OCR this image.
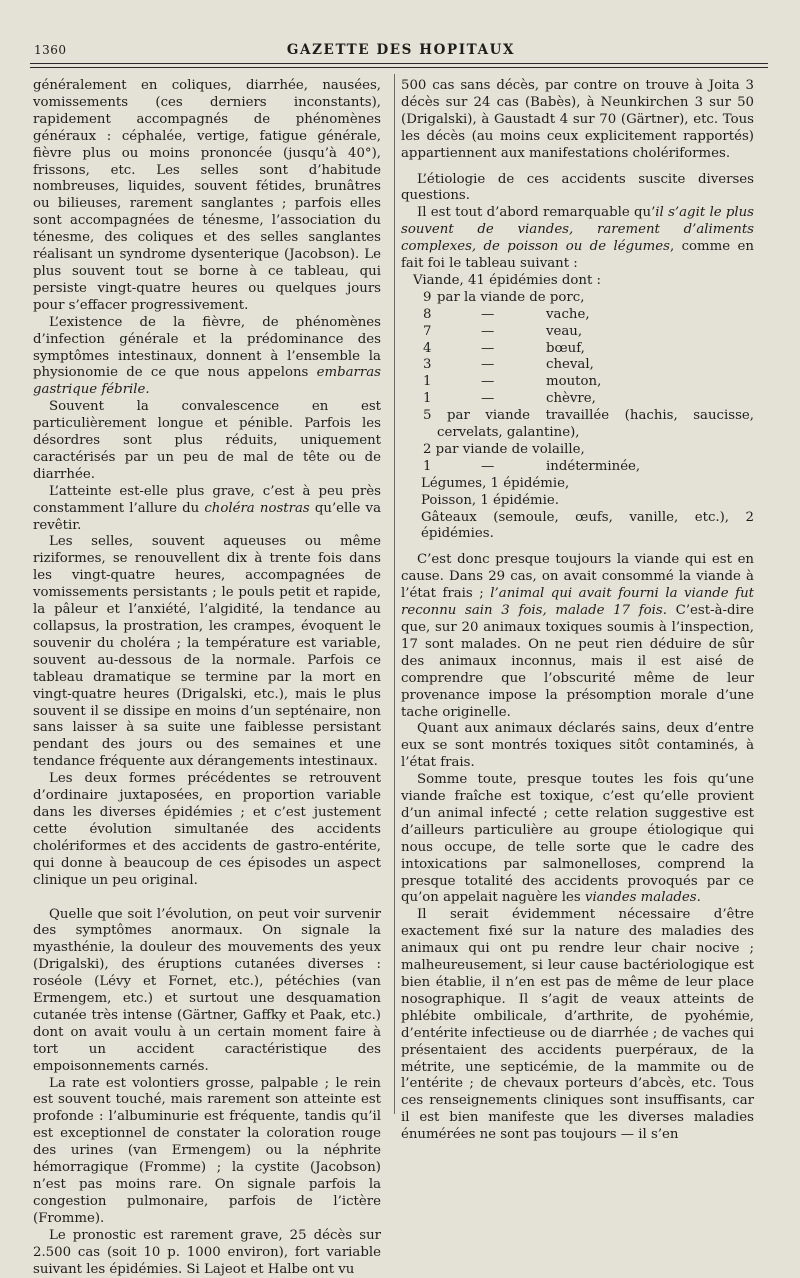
1360	GAZETTE DES HOPITAUX

généralement en coliques, diarrhée, nausées, vomissements (ces derniers inconstants), rapidement accompagnés de phénomènes généraux : céphalée, vertige, fatigue générale, fièvre plus ou moins prononcée (jusqu’à 40°), frissons, etc. Les selles sont d’habitude nombreuses, liquides, souvent fétides, brunâtres ou bilieuses, rarement sanglantes ; parfois elles sont accompagnées de ténesme, l’association du ténesme, des coliques et des selles sanglantes réalisant un syndrome dysenterique (Jacobson). Le plus souvent tout se borne à ce tableau, qui persiste vingt-quatre heures ou quelques jours pour s’effacer progressivement.

L’existence de la fièvre, de phénomènes d’infection générale et la prédominance des symptômes intestinaux, donnent à l’ensemble la physionomie de ce que nous appelons embarras gastrique fébrile.

Souvent la convalescence en est particulièrement longue et pénible. Parfois les désordres sont plus réduits, uniquement caractérisés par un peu de mal de tête ou de diarrhée.

L’atteinte est-elle plus grave, c’est à peu près constamment l’allure du choléra nostras qu’elle va revêtir.

Les selles, souvent aqueuses ou même riziformes, se renouvellent dix à trente fois dans les vingt-quatre heures, accompagnées de vomissements persistants ; le pouls petit et rapide, la pâleur et l’anxiété, l’algidité, la tendance au collapsus, la prostration, les crampes, évoquent le souvenir du choléra ; la température est variable, souvent au-dessous de la normale. Parfois ce tableau dramatique se termine par la mort en vingt-quatre heures (Drigalski, etc.), mais le plus souvent il se dissipe en moins d’un septénaire, non sans laisser à sa suite une faiblesse persistant pendant des jours ou des semaines et une tendance fréquente aux dérangements intestinaux.

Les deux formes précédentes se retrouvent d’ordinaire juxtaposées, en proportion variable dans les diverses épidémies ; et c’est justement cette évolution simultanée des accidents cholériformes et des accidents de gastro-entérite, qui donne à beaucoup de ces épisodes un aspect clinique un peu original.

Quelle que soit l’évolution, on peut voir survenir des symptômes anormaux. On signale la myasthénie, la douleur des mouvements des yeux (Drigalski), des éruptions cutanées diverses : roséole (Lévy et Fornet, etc.), pétéchies (van Ermengem, etc.) et surtout une desquamation cutanée très intense (Gärtner, Gaffky et Paak, etc.) dont on avait voulu à un certain moment faire à tort un accident caractéristique des empoisonnements carnés.

La rate est volontiers grosse, palpable ; le rein est souvent touché, mais rarement son atteinte est profonde : l’albuminurie est fréquente, tandis qu’il est exceptionnel de constater la coloration rouge des urines (van Ermengem) ou la néphrite hémorragique (Fromme) ; la cystite (Jacobson) n’est pas moins rare. On signale parfois la congestion pulmonaire, parfois de l’ictère (Fromme).

Le pronostic est rarement grave, 25 décès sur 2.500 cas (soit 10 p. 1000 environ), fort variable suivant les épidémies. Si Lajeot et Halbe ont vu

500 cas sans décès, par contre on trouve à Joita 3 décès sur 24 cas (Babès), à Neunkirchen 3 sur 50 (Drigalski), à Gaustadt 4 sur 70 (Gärtner), etc. Tous les décès (au moins ceux explicitement rapportés) appartiennent aux manifestations cholériformes.

L’étiologie de ces accidents suscite diverses questions.

Il est tout d’abord remarquable qu’il s’agit le plus souvent de viandes, rarement d’aliments complexes, de poisson ou de légumes, comme en fait foi le tableau suivant :

Viande, 41 épidémies dont :

9 par la viande de porc,
8	—	vache,
7	—	veau,
4	—	bœuf,
3	—	cheval,
1	—	mouton,
1	—	chèvre,

5 par viande travaillée (hachis, saucisse, cervelats, galantine),

2 par viande de volaille,

1	—	indéterminée,

Légumes, 1 épidémie,

Poisson, 1 épidémie.

Gâteaux (semoule, œufs, vanille, etc.), 2 épidémies.

C’est donc presque toujours la viande qui est en cause. Dans 29 cas, on avait consommé la viande à l’état frais ; l’animal qui avait fourni la viande fut reconnu sain 3 fois, malade 17 fois. C’est-à-dire que, sur 20 animaux toxiques soumis à l’inspection, 17 sont malades. On ne peut rien déduire de sûr des animaux inconnus, mais il est aisé de comprendre que l’obscurité même de leur provenance impose la présomption morale d’une tache originelle.

Quant aux animaux déclarés sains, deux d’entre eux se sont montrés toxiques sitôt contaminés, à l’état frais.

Somme toute, presque toutes les fois qu’une viande fraîche est toxique, c’est qu’elle provient d’un animal infecté ; cette relation suggestive est d’ailleurs particulière au groupe étiologique qui nous occupe, de telle sorte que le cadre des intoxications par salmonelloses, comprend la presque totalité des accidents provoqués par ce qu’on appelait naguère les viandes malades.

Il serait évidemment nécessaire d’être exactement fixé sur la nature des maladies des animaux qui ont pu rendre leur chair nocive ; malheureusement, si leur cause bactériologique est bien établie, il n’en est pas de même de leur place nosographique. Il s’agit de veaux atteints de phlébite ombilicale, d’arthrite, de pyohémie, d’entérite infectieuse ou de diarrhée ; de vaches qui présentaient des accidents puerpéraux, de la métrite, une septicémie, de la mammite ou de l’entérite ; de chevaux porteurs d’abcès, etc. Tous ces renseignements cliniques sont insuffisants, car il est bien manifeste que les diverses maladies énumérées ne sont pas toujours — il s’en
